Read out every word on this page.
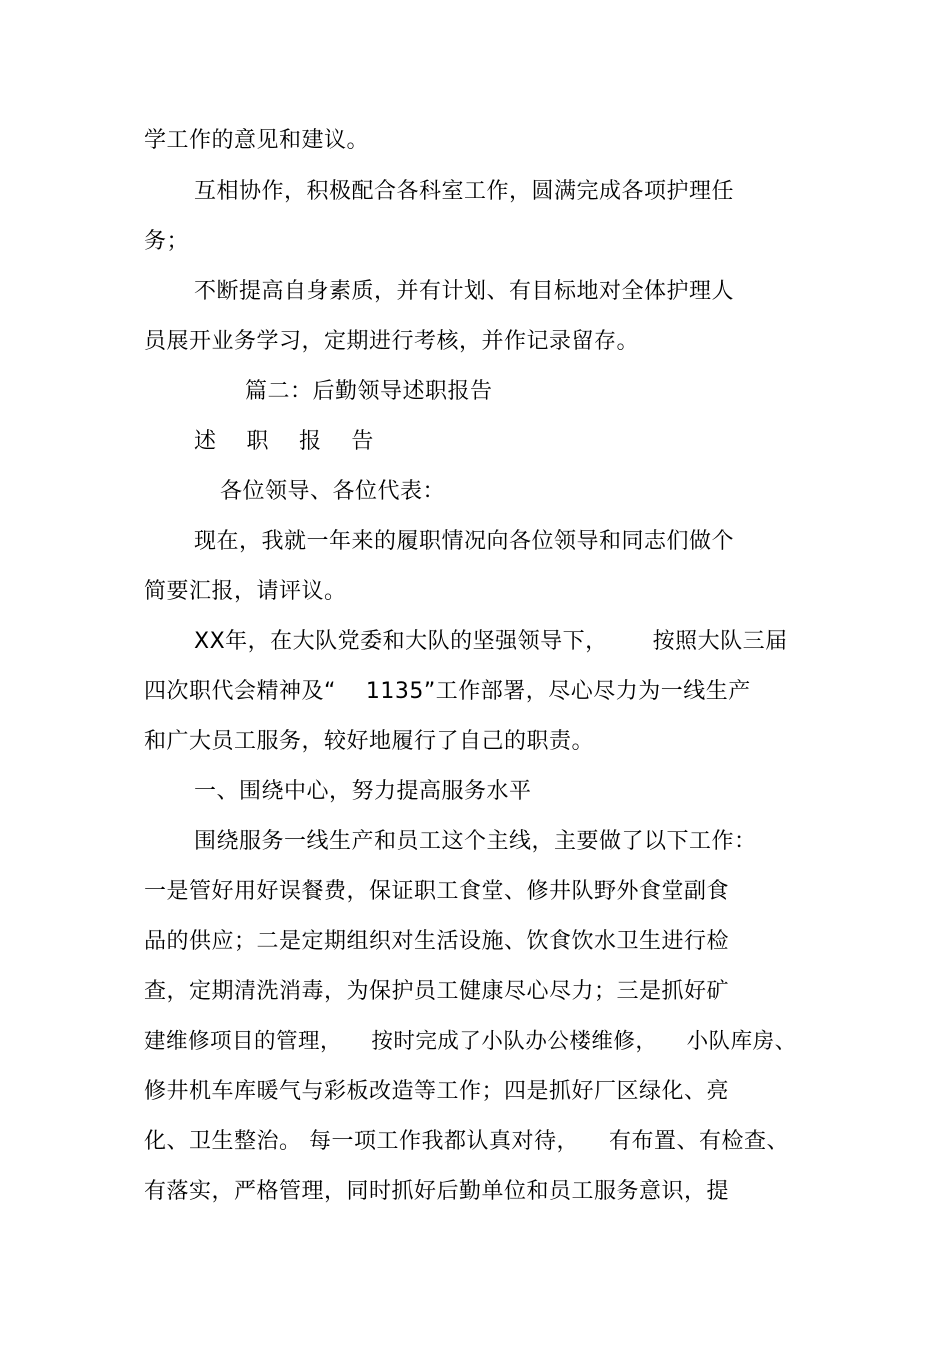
学工作的意见和建议。
互相协作，积极配合各科室工作，圆满完成各项护理任
务；
不断提高自身素质，并有计划、有目标地对全体护理人
员展开业务学习，定期进行考核，并作记录留存。
篇二：后勤领导述职报告
述    职    报    告
各位领导、各位代表：
现在，我就一年来的履职情况向各位领导和同志们做个
简要汇报，请评议。
XX年，在大队党委和大队的坚强领导下，      按照大队三届
四次职代会精神及“    1135”工作部署，尽心尽力为一线生产
和广大员工服务，较好地履行了自己的职责。
一、围绕中心，努力提高服务水平
围绕服务一线生产和员工这个主线，主要做了以下工作：
一是管好用好误餐费，保证职工食堂、修井队野外食堂副食
品的供应；二是定期组织对生活设施、饮食饮水卫生进行检
查，定期清洗消毒，为保护员工健康尽心尽力；三是抓好矿
建维修项目的管理，    按时完成了小队办公楼维修，    小队库房、
修井机车库暖气与彩板改造等工作；四是抓好厂区绿化、亮
化、卫生整治。 每一项工作我都认真对待，    有布置、有检查、
有落实，严格管理，同时抓好后勤单位和员工服务意识，提
